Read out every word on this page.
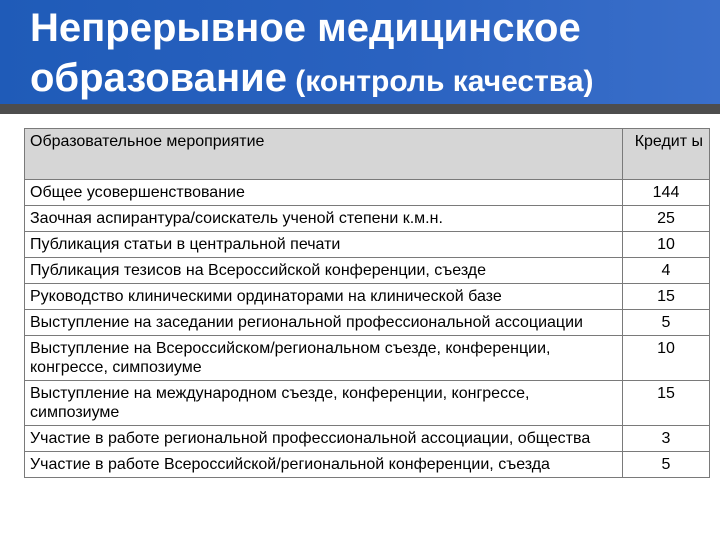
Непрерывное медицинское
образование (контроль качества)
Образовательное мероприятие	Кредит ы
Общее усовершенствование	144
Заочная аспирантура/соискатель ученой степени к.м.н.	25
Публикация статьи в центральной печати	10
Публикация тезисов на Всероссийской конференции, съезде	4
Руководство клиническими ординаторами на клинической базе	15
Выступление на заседании региональной профессиональной ассоциации	5
Выступление на Всероссийском/региональном съезде, конференции, конгрессе, симпозиуме	10
Выступление на международном съезде, конференции, конгрессе, симпозиуме	15
Участие в работе региональной профессиональной ассоциации, общества	3
Участие в работе Всероссийской/региональной конференции, съезда	5
